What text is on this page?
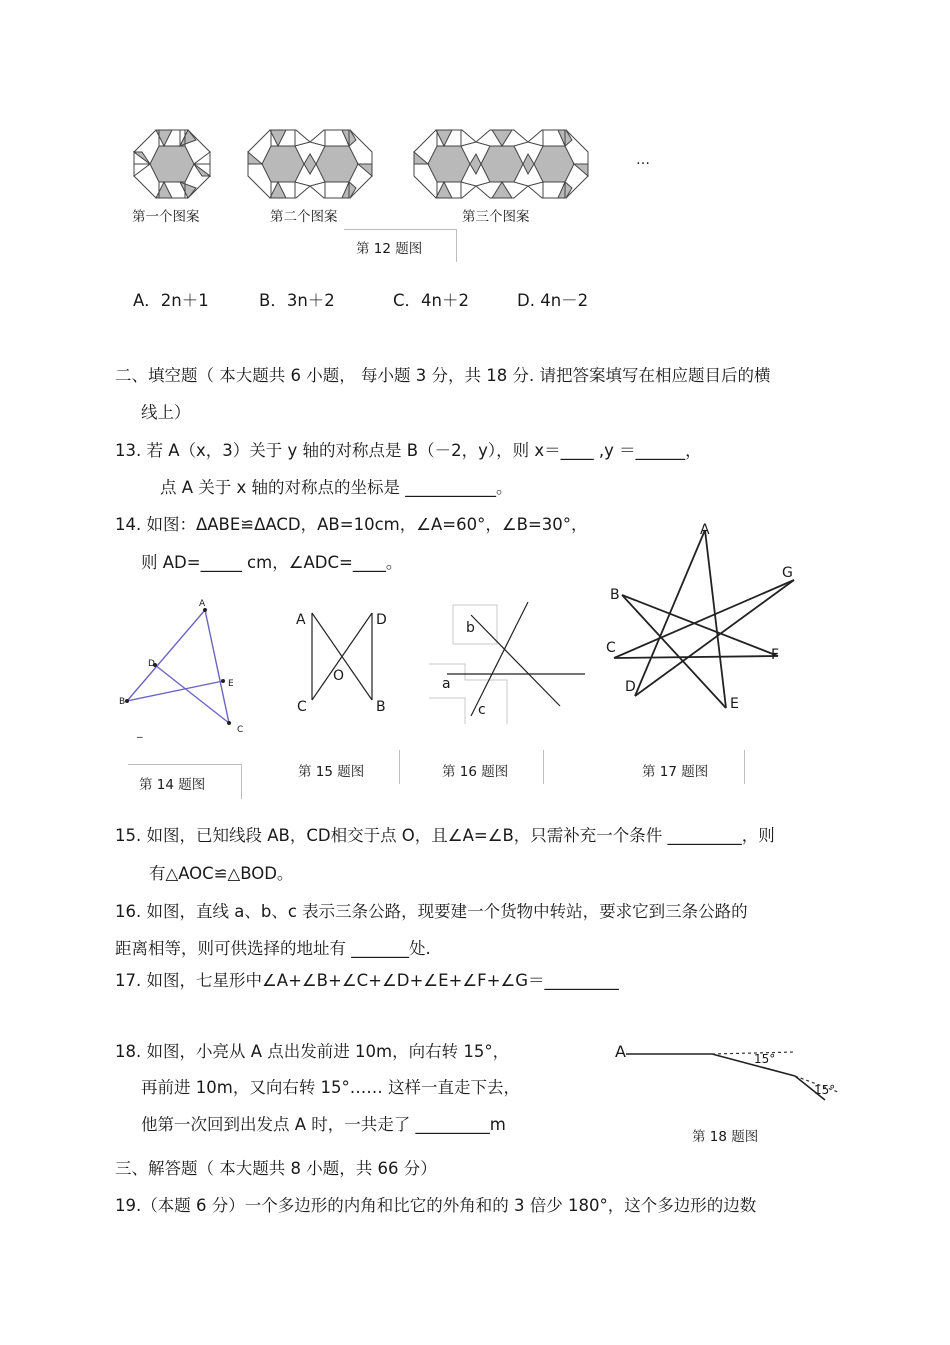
…
第一个图案	第二个图案	第三个图案
第 12 题图
A．2n＋1	B．3n＋2	C．4n＋2	D. 4n－2
二、填空题（ 本大题共 6 小题， 每小题 3 分，共 18 分. 请把答案填写在相应题目后的横
线上）
13. 若 A（x，3）关于 y 轴的对称点是 B（－2，y），则 x＝____ ,y ＝______，
点 A 关于 x 轴的对称点的坐标是 ___________。
14. 如图：ΔABE≌ΔACD，AB=10cm，∠A=60°，∠B=30°，
则 AD=_____ cm，∠ADC=____。
A
D
E
B
C
_
第 14 题图
A	D
O
C	B
第 15 题图
b
a
c
第 16 题图
A
G
B
C	F
D
E
第 17 题图
15. 如图，已知线段 AB，CD相交于点 O，且∠A=∠B，只需补充一个条件 _________，则
有△AOC≌△BOD。
16. 如图，直线 a、b、c 表示三条公路，现要建一个货物中转站，要求它到三条公路的
距离相等，则可供选择的地址有 _______处.
17. 如图，七星形中∠A+∠B+∠C+∠D+∠E+∠F+∠G＝_________
18. 如图，小亮从 A 点出发前进 10m，向右转 15°，
再前进 10m，又向右转 15°…… 这样一直走下去，
他第一次回到出发点 A 时，一共走了 _________m
A	15°
15°
第 18 题图
三、解答题（ 本大题共 8 小题，共 66 分）
19.（本题 6 分）一个多边形的内角和比它的外角和的 3 倍少 180°，这个多边形的边数
